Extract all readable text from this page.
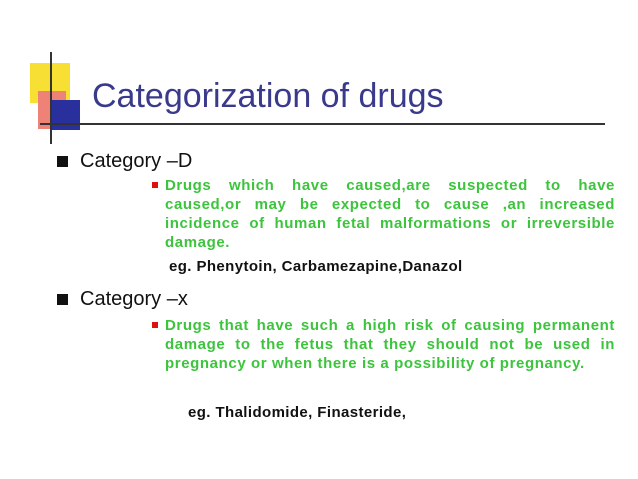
Categorization of drugs
Category –D
Drugs which have caused,are suspected to have caused,or may be expected to cause ,an increased incidence of human fetal malformations or irreversible damage.
eg. Phenytoin, Carbamezapine,Danazol
Category –x
Drugs that have such a high risk of causing permanent damage to the fetus that they should not be used in pregnancy or when there is a possibility of pregnancy.
eg. Thalidomide, Finasteride,
